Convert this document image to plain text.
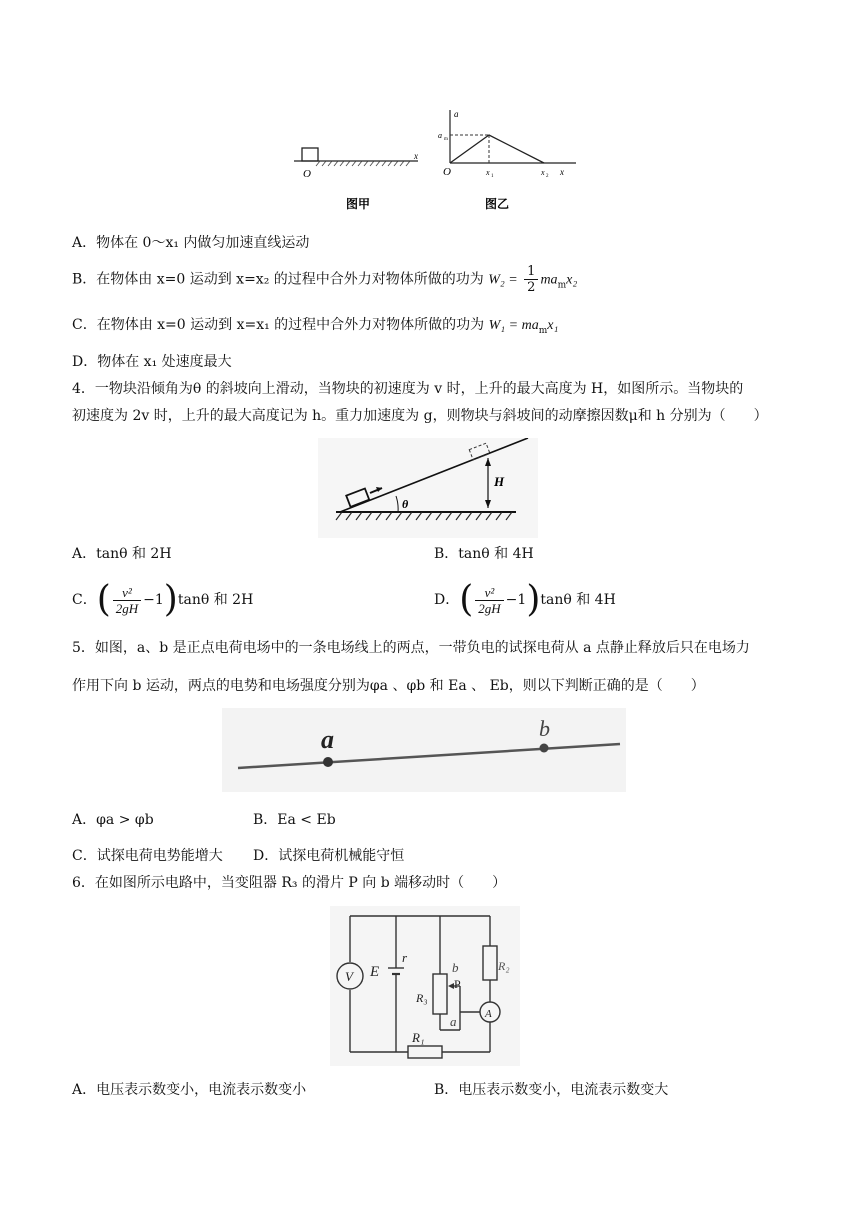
O
x
图甲
a
a m
O	x 1	x 2 x
图乙
A．物体在 0～x₁ 内做匀加速直线运动
B．在物体由 x=0 运动到 x=x₂ 的过程中合外力对物体所做的功为 $W_2 = \frac{1}{2} ma_mx_2$
C．在物体由 x=0 运动到 x=x₁ 的过程中合外力对物体所做的功为 $W_1 = ma_mx_1$
D．物体在 x₁ 处速度最大
4．一物块沿倾角为θ 的斜坡向上滑动，当物块的初速度为 v 时，上升的最大高度为 H，如图所示。当物块的
初速度为 2v 时，上升的最大高度记为 h。重力加速度为 g，则物块与斜坡间的动摩擦因数μ和 h 分别为（　　）
θ
H
A．tanθ 和 2H	B．tanθ 和 4H
C．( $\frac{\text{v²}}{2gH} -1)\tan\theta$ 和 2H	D．( $\frac{\text{v²}}{2gH} -1)\tan\theta$ 和 4H
5．如图，a、b 是正点电荷电场中的一条电场线上的两点，一带负电的试探电荷从 a 点静止释放后只在电场力
作用下向 b 运动，两点的电势和电场强度分别为φa 、φb 和 Ea 、 Eb，则以下判断正确的是（　　）
a	b
A．φa > φb	B．Ea < Eb
C．试探电荷电势能增大 D．试探电荷机械能守恒
6．在如图所示电路中，当变阻器 R₃ 的滑片 P 向 b 端移动时（　　）
V
A
E
r
b
R₃
P
a
R₂
R₁
A．电压表示数变小，电流表示数变小	B．电压表示数变小，电流表示数变大
